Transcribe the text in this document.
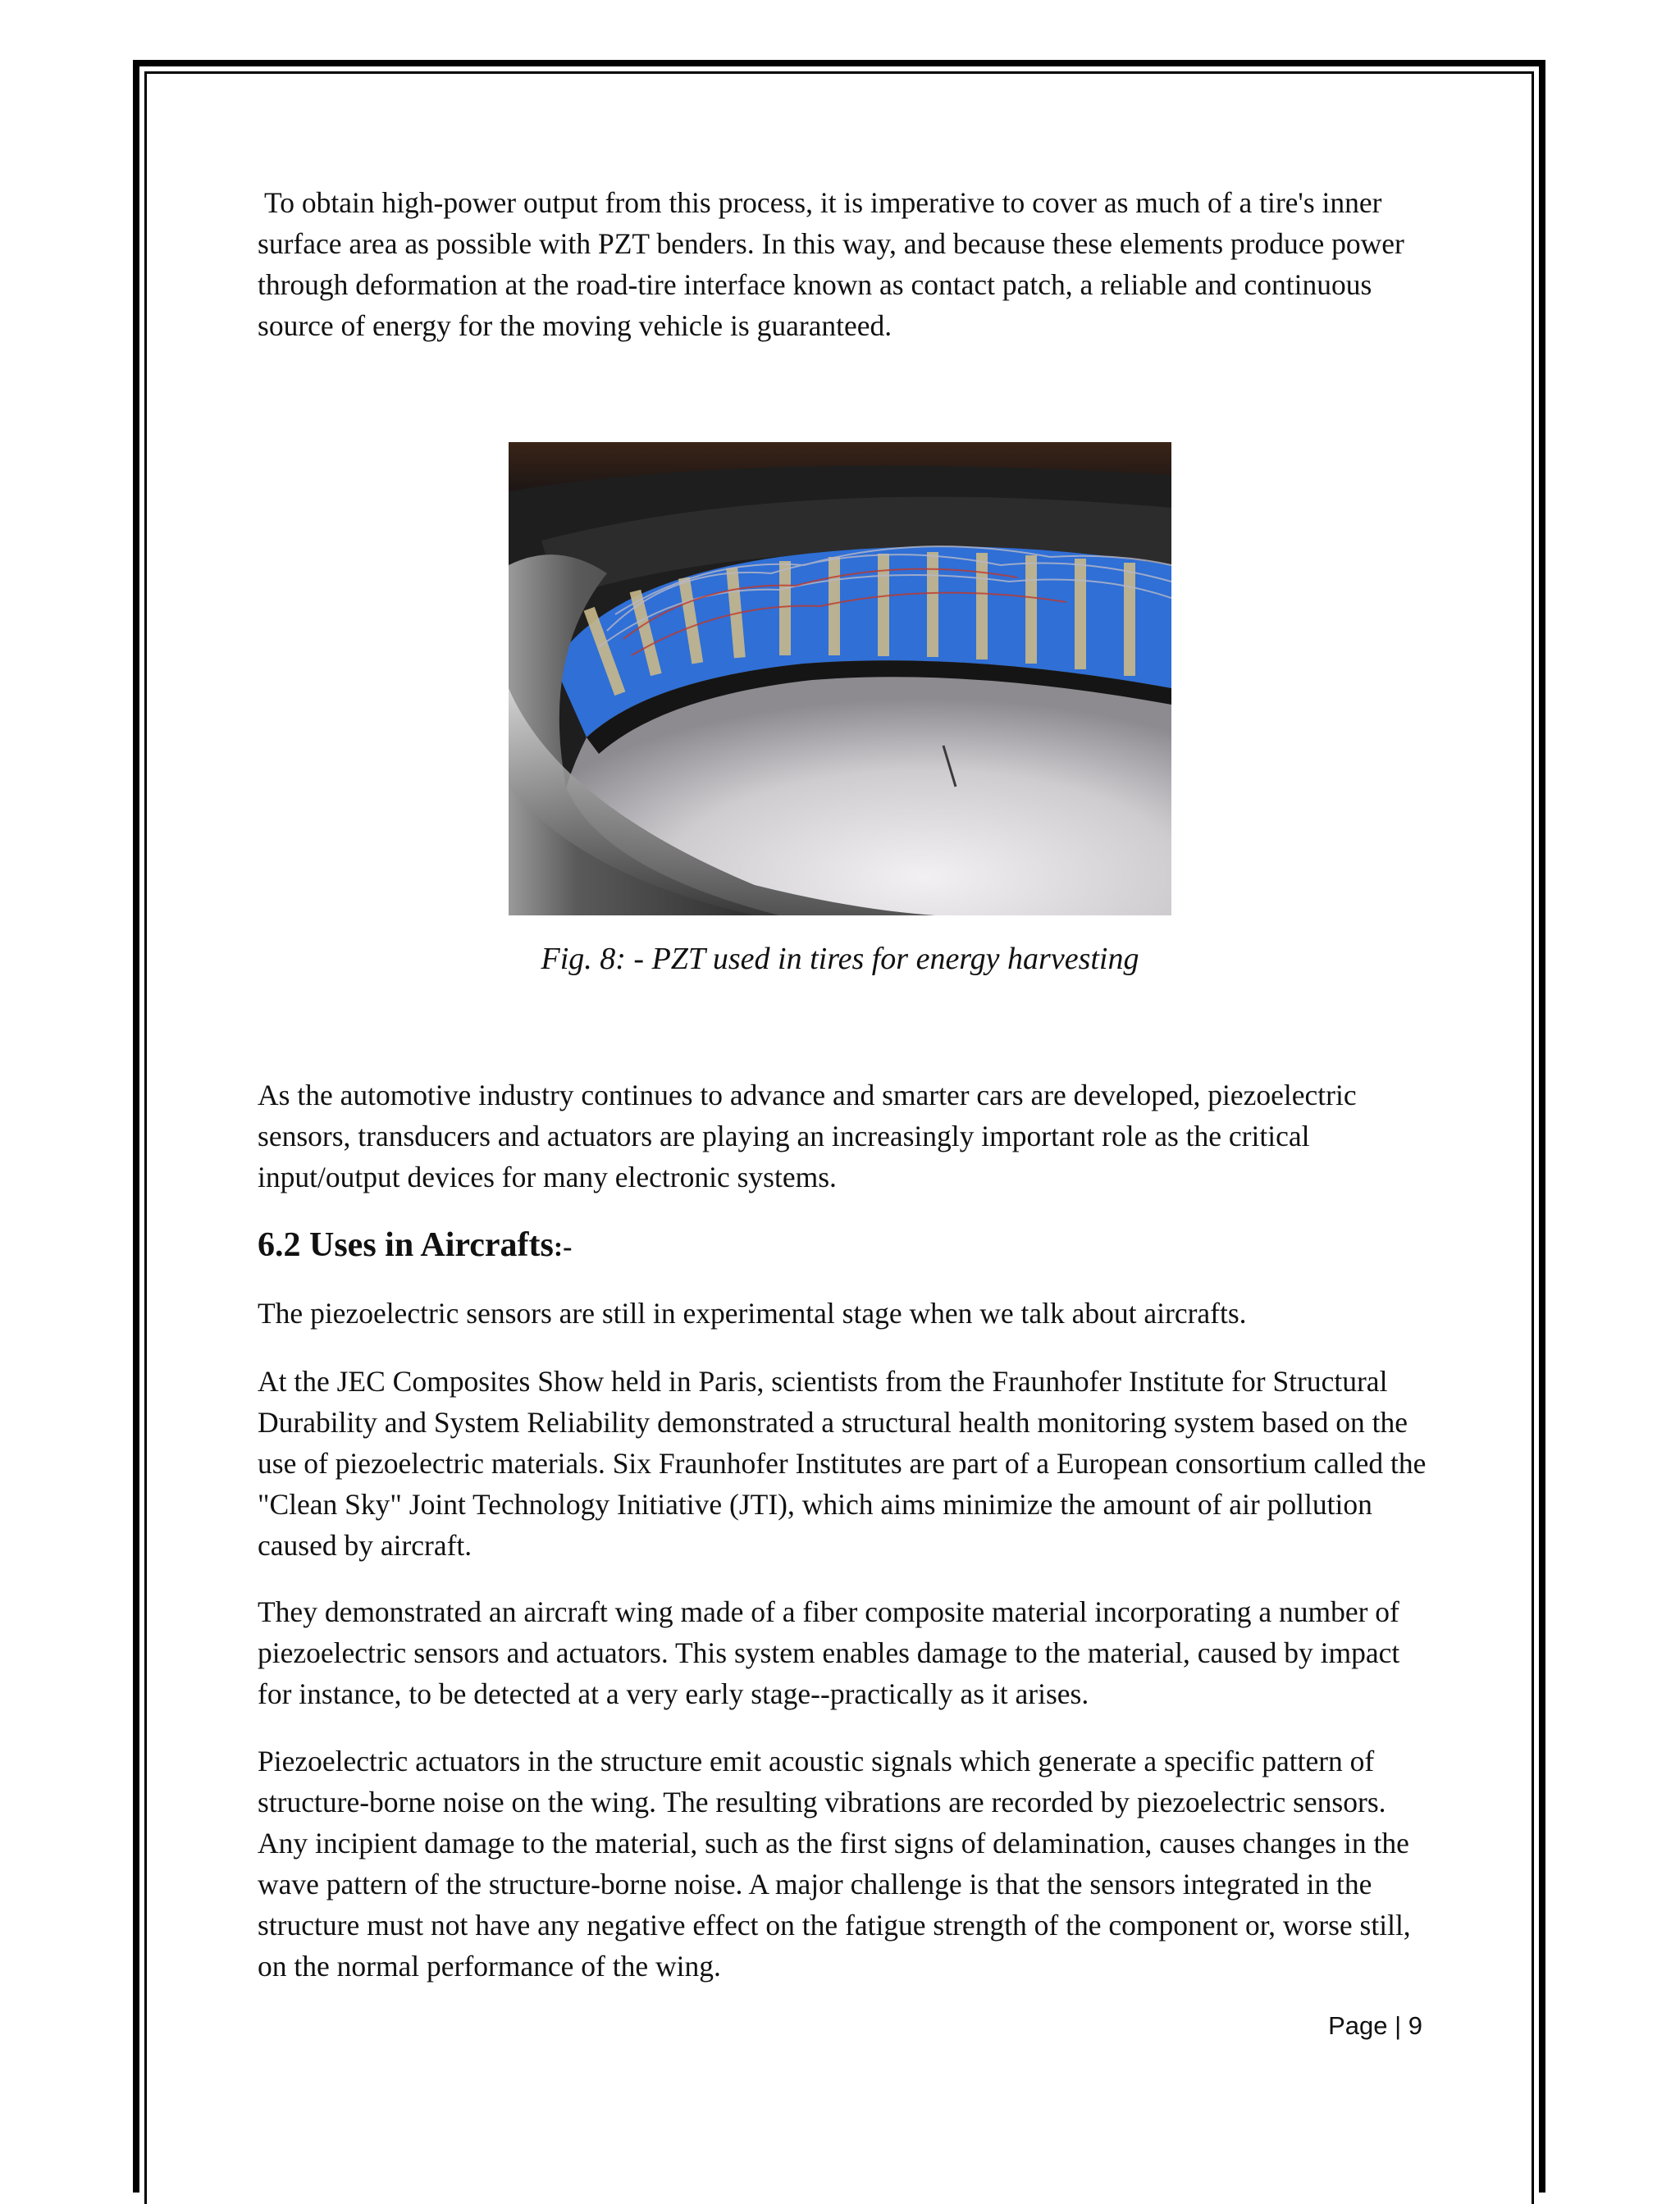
To obtain high-power output from this process, it is imperative to cover as much of a tire's inner surface area as possible with PZT benders. In this way, and because these elements produce power through deformation at the road-tire interface known as contact patch, a reliable and continuous source of energy for the moving vehicle is guaranteed.

As the automotive industry continues to advance and smarter cars are developed, piezoelectric sensors, transducers and actuators are playing an increasingly important role as the critical input/output devices for many electronic systems.

6.2 Uses in Aircrafts:-

The piezoelectric sensors are still in experimental stage when we talk about aircrafts.

At the JEC Composites Show held in Paris, scientists from the Fraunhofer Institute for Structural Durability and System Reliability demonstrated a structural health monitoring system based on the use of piezoelectric materials. Six Fraunhofer Institutes are part of a European consortium called the "Clean Sky" Joint Technology Initiative (JTI), which aims minimize the amount of air pollution caused by aircraft.

They demonstrated an aircraft wing made of a fiber composite material incorporating a number of piezoelectric sensors and actuators. This system enables damage to the material, caused by impact for instance, to be detected at a very early stage--practically as it arises.

Piezoelectric actuators in the structure emit acoustic signals which generate a specific pattern of structure-borne noise on the wing. The resulting vibrations are recorded by piezoelectric sensors. Any incipient damage to the material, such as the first signs of delamination, causes changes in the wave pattern of the structure-borne noise. A major challenge is that the sensors integrated in the structure must not have any negative effect on the fatigue strength of the component or, worse still, on the normal performance of the wing.

Fig. 8: - PZT used in tires for energy harvesting
Page | 9
